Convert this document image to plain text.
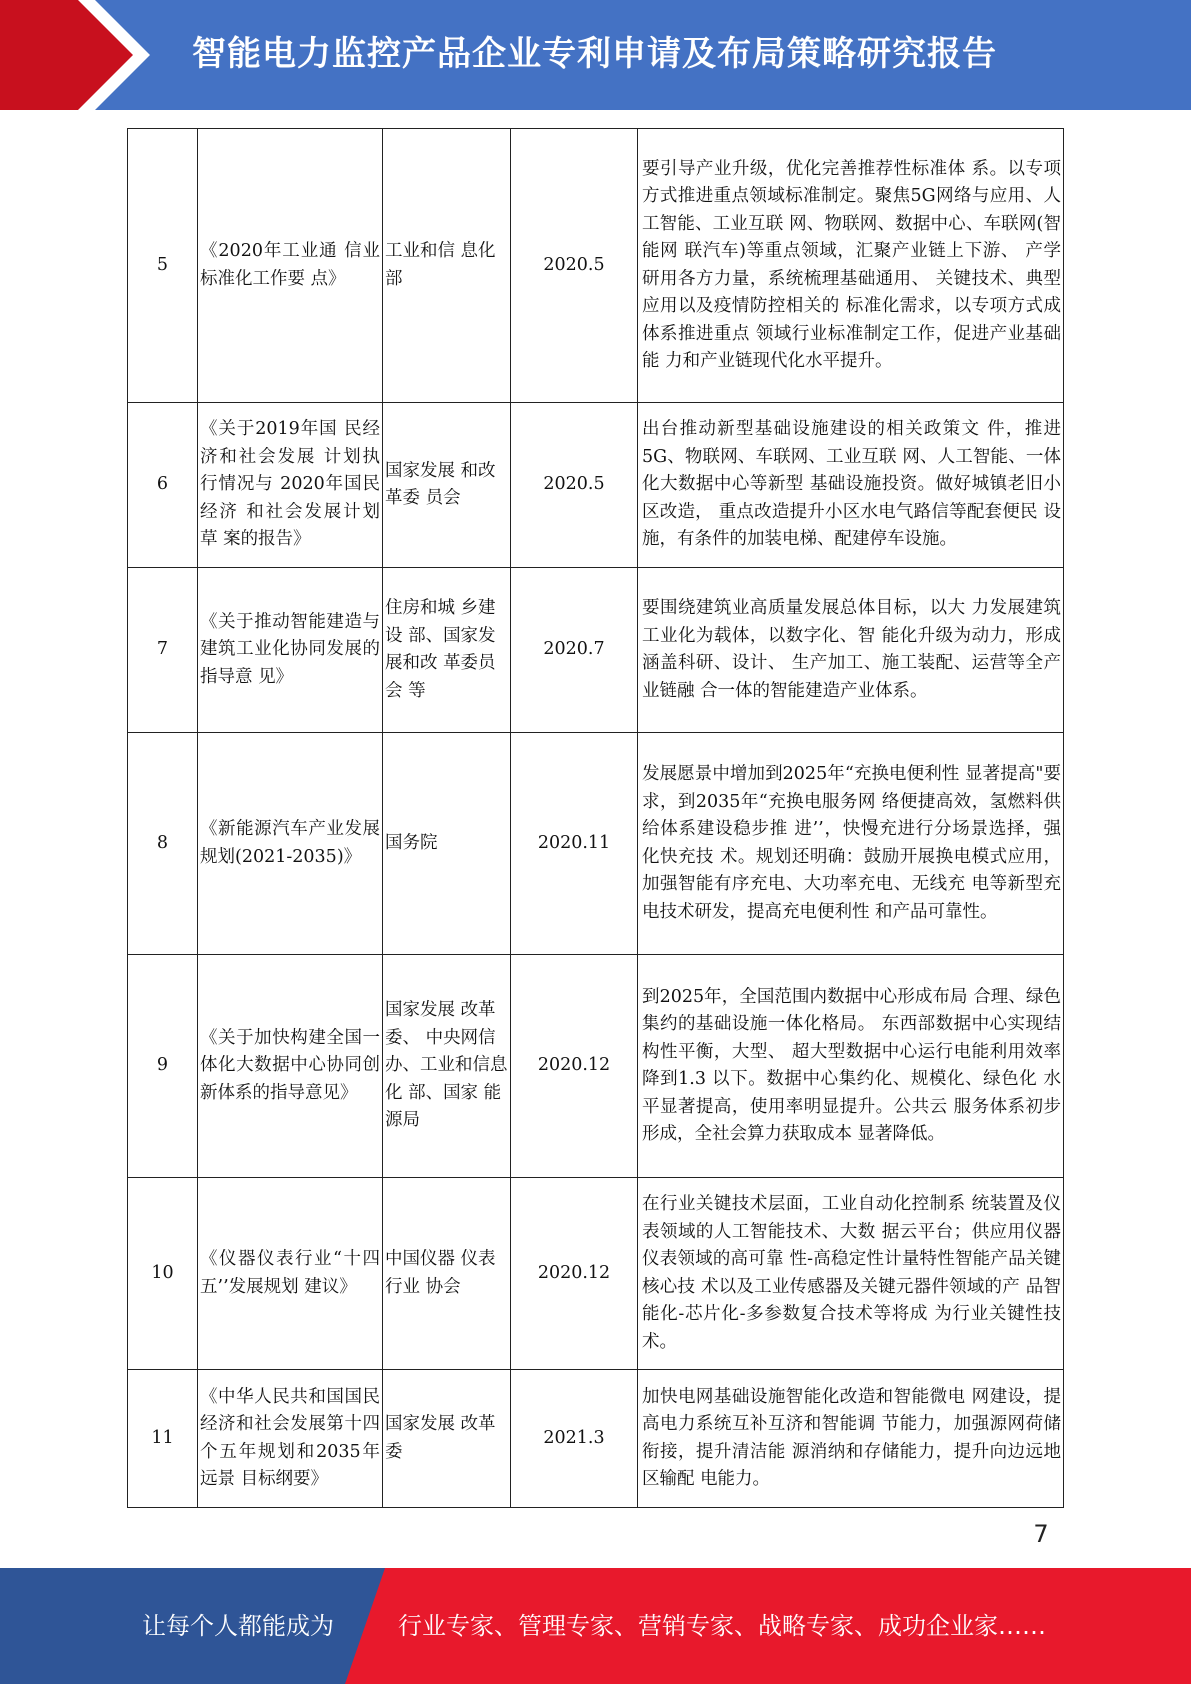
智能电力监控产品企业专利申请及布局策略研究报告
5	《2020年工业通 信业标准化工作要 点》	工业和信 息化部	2020.5	要引导产业升级，优化完善推荐性标准体 系。以专项方式推进重点领域标准制定。聚焦5G网络与应用、人工智能、工业互联 网、物联网、数据中心、车联网(智能网 联汽车)等重点领域，汇聚产业链上下游、 产学研用各方力量，系统梳理基础通用、 关键技术、典型应用以及疫情防控相关的 标准化需求，以专项方式成体系推进重点 领域行业标准制定工作，促进产业基础能 力和产业链现代化水平提升。
6	《关于2019年国 民经济和社会发展 计划执行情况与 2020年国民经济 和社会发展计划草 案的报告》	国家发展 和改革委 员会	2020.5	出台推动新型基础设施建设的相关政策文 件，推进5G、物联网、车联网、工业互联 网、人工智能、一体化大数据中心等新型 基础设施投资。做好城镇老旧小区改造， 重点改造提升小区水电气路信等配套便民 设施，有条件的加装电梯、配建停车设施。
7	《关于推动智能建造与建筑工业化协同发展的指导意 见》	住房和城 乡建设 部、国家发展和改 革委员会 等	2020.7	要围绕建筑业高质量发展总体目标，以大 力发展建筑工业化为载体，以数字化、智 能化升级为动力，形成涵盖科研、设计、 生产加工、施工装配、运营等全产业链融 合一体的智能建造产业体系。
8	《新能源汽车产业发展规划(2021-2035)》	国务院	2020.11	发展愿景中增加到2025年“充换电便利性 显著提高"要求，到2035年“充换电服务网 络便捷高效，氢燃料供给体系建设稳步推 进’’，快慢充进行分场景选择，强化快充技 术。规划还明确：鼓励开展换电模式应用， 加强智能有序充电、大功率充电、无线充 电等新型充电技术研发，提高充电便利性 和产品可靠性。
9	《关于加快构建全国一体化大数据中心协同创新体系的指导意见》	国家发展 改革委、 中央网信 办、工业和信息化 部、国家 能源局	2020.12	到2025年，全国范围内数据中心形成布局 合理、绿色集约的基础设施一体化格局。 东西部数据中心实现结构性平衡，大型、 超大型数据中心运行电能利用效率降到1.3 以下。数据中心集约化、规模化、绿色化 水平显著提高，使用率明显提升。公共云 服务体系初步形成，全社会算力获取成本 显著降低。
10	《仪器仪表行业“十四五’’发展规划 建议》	中国仪器 仪表行业 协会	2020.12	在行业关键技术层面，工业自动化控制系 统装置及仪表领域的人工智能技术、大数 据云平台；供应用仪器仪表领域的高可靠 性-高稳定性计量特性智能产品关键核心技 术以及工业传感器及关键元器件领域的产 品智能化-芯片化-多参数复合技术等将成 为行业关键性技术。
11	《中华人民共和国国民经济和社会发展第十四个五年规划和2035年远景 目标纲要》	国家发展 改革委	2021.3	加快电网基础设施智能化改造和智能微电 网建设，提高电力系统互补互济和智能调 节能力，加强源网荷储衔接，提升清洁能 源消纳和存储能力，提升向边远地区输配 电能力。
7
让每个人都能成为	行业专家、管理专家、营销专家、战略专家、成功企业家……
